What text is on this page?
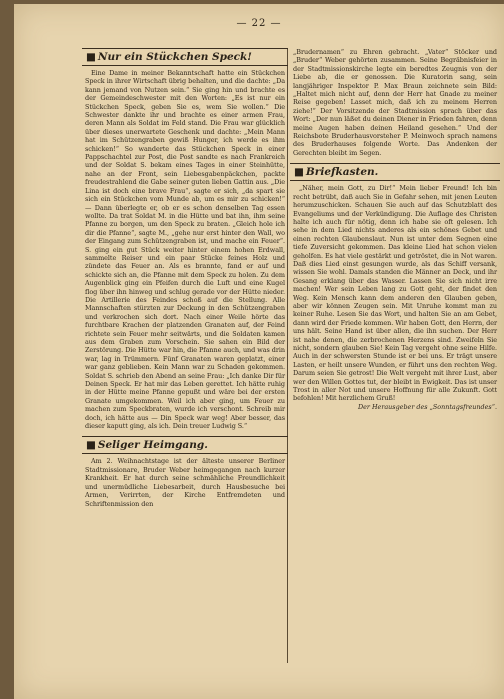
— 22 —
■ Nur ein Stückchen Speck!

Eine Dame in meiner Bekanntschaft hatte ein Stückchen Speck in ihrer Wirtschaft übrig behalten, und die dachte: „Da kann jemand von Nutzen sein.“ Sie ging hin und brachte es der Gemeindeschwester mit den Worten: „Es ist nur ein Stückchen Speck, geben Sie es, wem Sie wollen.“ Die Schwester dankte ihr und brachte es einer armen Frau, deren Mann als Soldat im Feld stand. Die Frau war glücklich über dieses unerwartete Geschenk und dachte: „Mein Mann hat im Schützengraben gewiß Hunger, ich werde es ihm schicken!“ So wanderte das Stückchen Speck in einer Pappschachtel zur Post, die Post sandte es nach Frankreich und der Soldat S. bekam eines Tages in einer Steinhütte, nahe an der Front, sein Liebesgabenpäckchen, packte freudestrahlend die Gabe seiner guten lieben Gattin aus. „Die Lina ist doch eine brave Frau“, sagte er sich, „da spart sie sich ein Stückchen vom Munde ab, um es mir zu schicken!“ — Dann überlegte er, ob er es schon denselben Tag essen wollte. Da trat Soldat M. in die Hütte und bat ihn, ihm seine Pfanne zu borgen, um den Speck zu braten. „Gleich hole ich dir die Pfanne“, sagte M., „gehe nur erst hinter den Wall, wo der Eingang zum Schützengraben ist, und mache ein Feuer“. S. ging ein gut Stück weiter hinter einem hohen Erdwall, sammelte Reiser und ein paar Stücke feines Holz und zündete das Feuer an. Als es brannte, fand er auf und schickte sich an, die Pfanne mit dem Speck zu holen. Zu dem Augenblick ging ein Pfeifen durch die Luft und eine Kugel flog über ihn hinweg und schlug gerade vor der Hütte nieder. Die Artillerie des Feindes schoß auf die Stellung. Alle Mannschaften stürzten zur Deckung in den Schützengraben und verkrochen sich dort. Nach einer Weile hörte das furchtbare Krachen der platzenden Granaten auf, der Feind richtete sein Feuer mehr seitwärts, und die Soldaten kamen aus dem Graben zum Vorschein. Sie sahen ein Bild der Zerstörung. Die Hütte war hin, die Pfanne auch, und was drin war, lag in Trümmern. Fünf Granaten waren geplatzt, einer war ganz geblieben. Kein Mann war zu Schaden gekommen. Soldat S. schrieb den Abend an seine Frau: „Ich danke Dir für Deinen Speck. Er hat mir das Leben gerettet. Ich hätte ruhig in der Hütte meine Pfanne gepußt und wäre bei der ersten Granate umgekommen. Weil ich aber ging, um Feuer zu machen zum Speckbraten, wurde ich verschont. Schreib mir doch, ich hätte aus — Din Speck war weg! Aber besser, das dieser kaputt ging, als ich. Dein treuer Ludwig S.“

■ Seliger Heimgang.

Am 2. Weihnachtstage ist der älteste unserer Berliner Stadtmissionare, Bruder Weber heimgegangen nach kurzer Krankheit. Er hat durch seine schmähliche Freundlichkeit und unermüdliche Liebesarbeit, durch Hausbesuche bei Armen, Verirrten, der Kirche Entfremdeten und Schriftenmission den

„Brudernamen“ zu Ehren gebracht. „Vater“ Stöcker und „Bruder“ Weber gehörten zusammen. Seine Begräbnisfeier in der Stadtmissionskirche legte ein beredtes Zeugnis von der Liebe ab, die er genossen. Die Kuratorin sang, sein langjähriger Inspektor P. Max Braun zeichnete sein Bild: „Haltet mich nicht auf, denn der Herr hat Gnade zu meiner Reise gegeben! Lasset mich, daß ich zu meinem Herren ziehe!“ Der Vorsitzende der Stadtmission sprach über das Wort: „Der nun läßet du deinen Diener in Frieden fahren, denn meine Augen haben deinen Heiland gesehen.“ Und der Reichsbote Bruderhausvorsteher P. Meinwoch sprach namens des Bruderhauses folgende Worte. Das Andenken der Gerechten bleibt im Segen.

■ Briefkasten.

„Näher, mein Gott, zu Dir!“ Mein lieber Freund! Ich bin recht betrübt, daß auch Sie in Gefahr sehen, mit jenen Leuten herumzuschicken. Schauen Sie auch auf das Schutzblatt des Evangeliums und der Verkündigung. Die Auflage des Christen halte ich auch für nötig, denn ich habe sie oft gelesen. Ich sehe in dem Lied nichts anderes als ein schönes Gebet und einen rechten Glaubenslaut. Nun ist unter dem Segnen eine tiefe Zuversicht gekommen. Das kleine Lied hat schon vielen geholfen. Es hat viele gestärkt und getröstet, die in Not waren. Daß dies Lied einst gesungen wurde, als das Schiff versank, wissen Sie wohl. Damals standen die Männer an Deck, und ihr Gesang erklang über das Wasser. Lassen Sie sich nicht irre machen! Wer sein Leben lang zu Gott geht, der findet den Weg. Kein Mensch kann dem anderen den Glauben geben, aber wir können Zeugen sein. Mit Unruhe kommt man zu keiner Ruhe. Lesen Sie das Wort, und halten Sie an am Gebet, dann wird der Friede kommen. Wir haben Gott, den Herrn, der uns hält. Seine Hand ist über allen, die ihn suchen. Der Herr ist nahe denen, die zerbrochenen Herzens sind. Zweifeln Sie nicht, sondern glauben Sie! Kein Tag vergeht ohne seine Hilfe. Auch in der schwersten Stunde ist er bei uns. Er trägt unsere Lasten, er heilt unsere Wunden, er führt uns den rechten Weg. Darum seien Sie getrost! Die Welt vergeht mit ihrer Lust, aber wer den Willen Gottes tut, der bleibt in Ewigkeit. Das ist unser Trost in aller Not und unsere Hoffnung für alle Zukunft. Gott befohlen! Mit herzlichem Gruß!

Der Herausgeber des „Sonntagsfreundes“.
